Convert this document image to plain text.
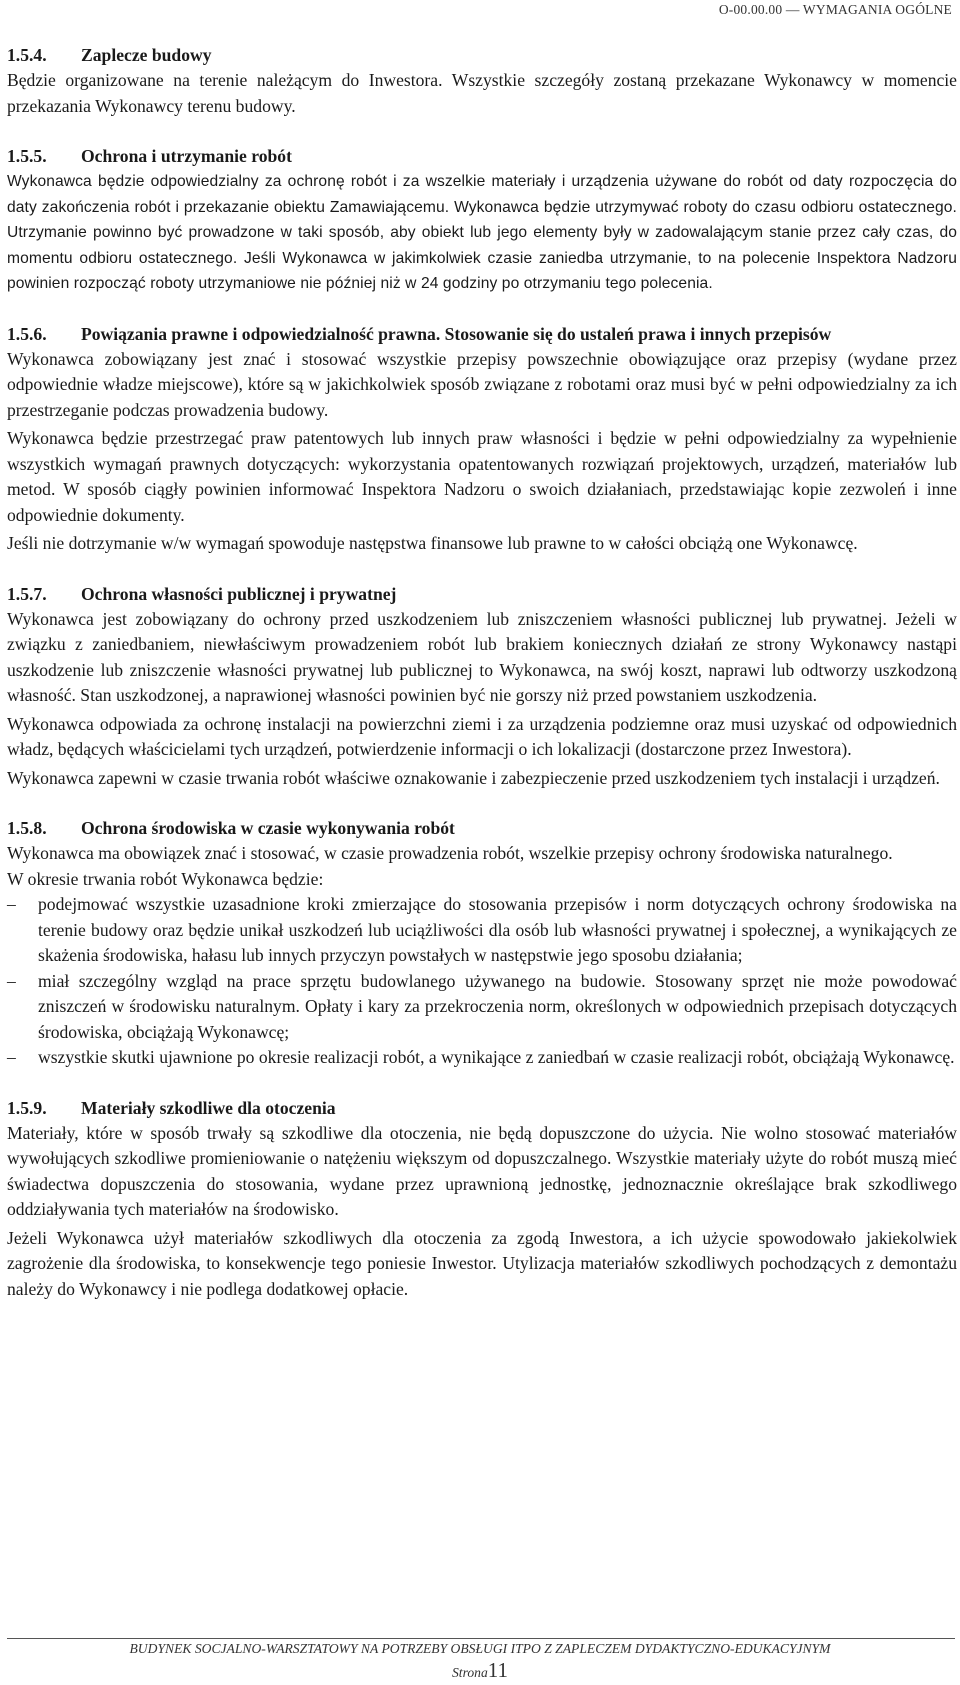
O-00.00.00 — WYMAGANIA OGÓLNE
1.5.4. Zaplecze budowy

Będzie organizowane na terenie należącym do Inwestora. Wszystkie szczegóły zostaną przekazane Wykonawcy w momencie przekazania Wykonawcy terenu budowy.

1.5.5. Ochrona i utrzymanie robót

Wykonawca będzie odpowiedzialny za ochronę robót i za wszelkie materiały i urządzenia używane do robót od daty rozpoczęcia do daty zakończenia robót i przekazanie obiektu Zamawiającemu. Wykonawca będzie utrzymywać roboty do czasu odbioru ostatecznego. Utrzymanie powinno być prowadzone w taki sposób, aby obiekt lub jego elementy były w zadowalającym stanie przez cały czas, do momentu odbioru ostatecznego. Jeśli Wykonawca w jakimkolwiek czasie zaniedba utrzymanie, to na polecenie Inspektora Nadzoru powinien rozpocząć roboty utrzymaniowe nie później niż w 24 godziny po otrzymaniu tego polecenia.

1.5.6. Powiązania prawne i odpowiedzialność prawna. Stosowanie się do ustaleń prawa i innych przepisów

Wykonawca zobowiązany jest znać i stosować wszystkie przepisy powszechnie obowiązujące oraz przepisy (wydane przez odpowiednie władze miejscowe), które są w jakichkolwiek sposób związane z robotami oraz musi być w pełni odpowiedzialny za ich przestrzeganie podczas prowadzenia budowy.

Wykonawca będzie przestrzegać praw patentowych lub innych praw własności i będzie w pełni odpowiedzialny za wypełnienie wszystkich wymagań prawnych dotyczących: wykorzystania opatentowanych rozwiązań projektowych, urządzeń, materiałów lub metod. W sposób ciągły powinien informować Inspektora Nadzoru o swoich działaniach, przedstawiając kopie zezwoleń i inne odpowiednie dokumenty.

Jeśli nie dotrzymanie w/w wymagań spowoduje następstwa finansowe lub prawne to w całości obciążą one Wykonawcę.

1.5.7. Ochrona własności publicznej i prywatnej

Wykonawca jest zobowiązany do ochrony przed uszkodzeniem lub zniszczeniem własności publicznej lub prywatnej. Jeżeli w związku z zaniedbaniem, niewłaściwym prowadzeniem robót lub brakiem koniecznych działań ze strony Wykonawcy nastąpi uszkodzenie lub zniszczenie własności prywatnej lub publicznej to Wykonawca, na swój koszt, naprawi lub odtworzy uszkodzoną własność. Stan uszkodzonej, a naprawionej własności powinien być nie gorszy niż przed powstaniem uszkodzenia.

Wykonawca odpowiada za ochronę instalacji na powierzchni ziemi i za urządzenia podziemne oraz musi uzyskać od odpowiednich władz, będących właścicielami tych urządzeń, potwierdzenie informacji o ich lokalizacji (dostarczone przez Inwestora).

Wykonawca zapewni w czasie trwania robót właściwe oznakowanie i zabezpieczenie przed uszkodzeniem tych instalacji i urządzeń.

1.5.8. Ochrona środowiska w czasie wykonywania robót

Wykonawca ma obowiązek znać i stosować, w czasie prowadzenia robót, wszelkie przepisy ochrony środowiska naturalnego.

W okresie trwania robót Wykonawca będzie:

– podejmować wszystkie uzasadnione kroki zmierzające do stosowania przepisów i norm dotyczących ochrony środowiska na terenie budowy oraz będzie unikał uszkodzeń lub uciążliwości dla osób lub własności prywatnej i społecznej, a wynikających ze skażenia środowiska, hałasu lub innych przyczyn powstałych w następstwie jego sposobu działania;
– miał szczególny wzgląd na prace sprzętu budowlanego używanego na budowie. Stosowany sprzęt nie może powodować zniszczeń w środowisku naturalnym. Opłaty i kary za przekroczenia norm, określonych w odpowiednich przepisach dotyczących środowiska, obciążają Wykonawcę;
– wszystkie skutki ujawnione po okresie realizacji robót, a wynikające z zaniedbań w czasie realizacji robót, obciążają Wykonawcę.
1.5.9. Materiały szkodliwe dla otoczenia

Materiały, które w sposób trwały są szkodliwe dla otoczenia, nie będą dopuszczone do użycia. Nie wolno stosować materiałów wywołujących szkodliwe promieniowanie o natężeniu większym od dopuszczalnego. Wszystkie materiały użyte do robót muszą mieć świadectwa dopuszczenia do stosowania, wydane przez uprawnioną jednostkę, jednoznacznie określające brak szkodliwego oddziaływania tych materiałów na środowisko.

Jeżeli Wykonawca użył materiałów szkodliwych dla otoczenia za zgodą Inwestora, a ich użycie spowodowało jakiekolwiek zagrożenie dla środowiska, to konsekwencje tego poniesie Inwestor. Utylizacja materiałów szkodliwych pochodzących z demontażu należy do Wykonawcy i nie podlega dodatkowej opłacie.

BUDYNEK SOCJALNO-WARSZTATOWY NA POTRZEBY OBSŁUGI ITPO Z ZAPLECZEM DYDAKTYCZNO-EDUKACYJNYM
Strona11
